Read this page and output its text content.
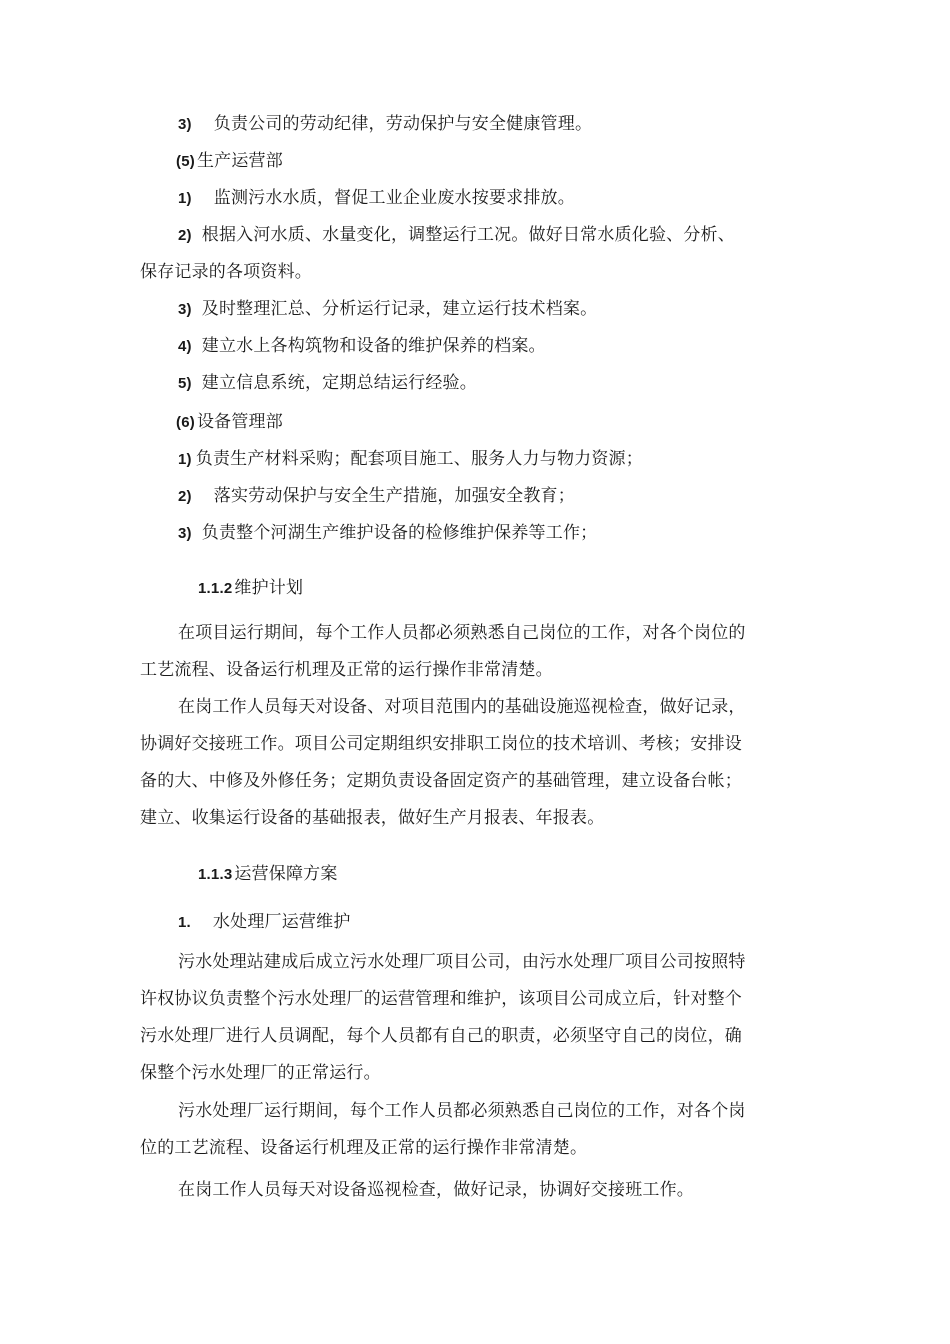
3) 负责公司的劳动纪律，劳动保护与安全健康管理。
(5) 生产运营部
1) 监测污水水质，督促工业企业废水按要求排放。
2) 根据入河水质、水量变化，调整运行工况。做好日常水质化验、分析、
保存记录的各项资料。
3) 及时整理汇总、分析运行记录，建立运行技术档案。
4) 建立水上各构筑物和设备的维护保养的档案。
5) 建立信息系统，定期总结运行经验。
(6) 设备管理部
1) 负责生产材料采购；配套项目施工、服务人力与物力资源；
2) 落实劳动保护与安全生产措施，加强安全教育；
3) 负责整个河湖生产维护设备的检修维护保养等工作；
1.1.2 维护计划
在项目运行期间，每个工作人员都必须熟悉自己岗位的工作，对各个岗位的
工艺流程、设备运行机理及正常的运行操作非常清楚。
在岗工作人员每天对设备、对项目范围内的基础设施巡视检查，做好记录，
协调好交接班工作。项目公司定期组织安排职工岗位的技术培训、考核；安排设
备的大、中修及外修任务；定期负责设备固定资产的基础管理，建立设备台帐；
建立、收集运行设备的基础报表，做好生产月报表、年报表。
1.1.3 运营保障方案
1. 水处理厂运营维护
污水处理站建成后成立污水处理厂项目公司，由污水处理厂项目公司按照特
许权协议负责整个污水处理厂的运营管理和维护，该项目公司成立后，针对整个
污水处理厂进行人员调配，每个人员都有自己的职责，必须坚守自己的岗位，确
保整个污水处理厂的正常运行。
污水处理厂运行期间，每个工作人员都必须熟悉自己岗位的工作，对各个岗
位的工艺流程、设备运行机理及正常的运行操作非常清楚。
在岗工作人员每天对设备巡视检查，做好记录，协调好交接班工作。
